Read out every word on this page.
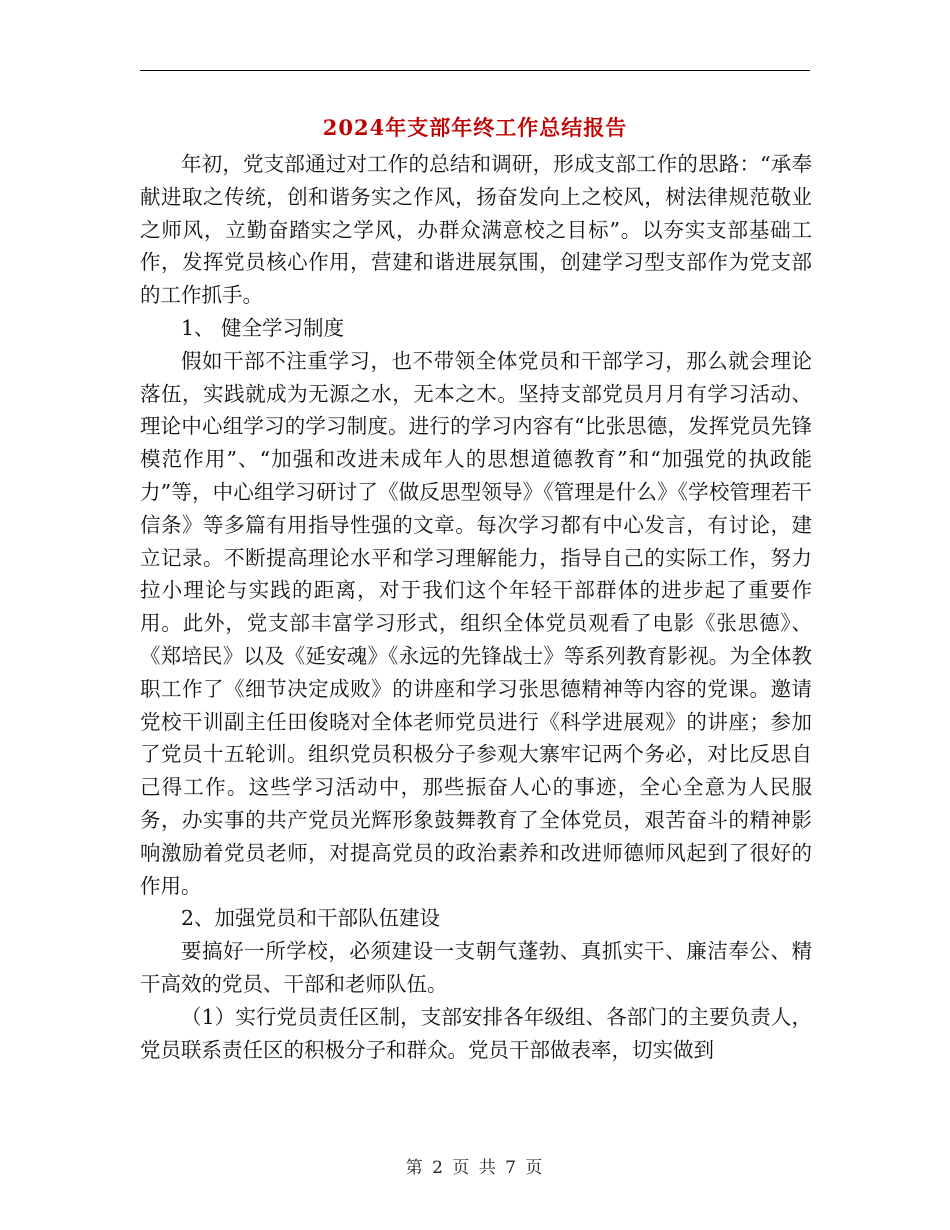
2024年支部年终工作总结报告

年初，党支部通过对工作的总结和调研，形成支部工作的思路：“承奉献进取之传统，创和谐务实之作风，扬奋发向上之校风，树法律规范敬业之师风，立勤奋踏实之学风，办群众满意校之目标”。以夯实支部基础工作，发挥党员核心作用，营建和谐进展氛围，创建学习型支部作为党支部的工作抓手。

1、 健全学习制度

假如干部不注重学习，也不带领全体党员和干部学习，那么就会理论落伍，实践就成为无源之水，无本之木。坚持支部党员月月有学习活动、理论中心组学习的学习制度。进行的学习内容有“比张思德，发挥党员先锋模范作用”、“加强和改进未成年人的思想道德教育”和“加强党的执政能力”等，中心组学习研讨了《做反思型领导》《管理是什么》《学校管理若干信条》等多篇有用指导性强的文章。每次学习都有中心发言，有讨论，建立记录。不断提高理论水平和学习理解能力，指导自己的实际工作，努力拉小理论与实践的距离，对于我们这个年轻干部群体的进步起了重要作用。此外，党支部丰富学习形式，组织全体党员观看了电影《张思德》、《郑培民》以及《延安魂》《永远的先锋战士》等系列教育影视。为全体教职工作了《细节决定成败》的讲座和学习张思德精神等内容的党课。邀请党校干训副主任田俊晓对全体老师党员进行《科学进展观》的讲座；参加了党员十五轮训。组织党员积极分子参观大寨牢记两个务必，对比反思自己得工作。这些学习活动中，那些振奋人心的事迹，全心全意为人民服务，办实事的共产党员光辉形象鼓舞教育了全体党员，艰苦奋斗的精神影响激励着党员老师，对提高党员的政治素养和改进师德师风起到了很好的作用。

2、加强党员和干部队伍建设

要搞好一所学校，必须建设一支朝气蓬勃、真抓实干、廉洁奉公、精干高效的党员、干部和老师队伍。

（1）实行党员责任区制，支部安排各年级组、各部门的主要负责人，党员联系责任区的积极分子和群众。党员干部做表率，切实做到

第 2 页 共 7 页
